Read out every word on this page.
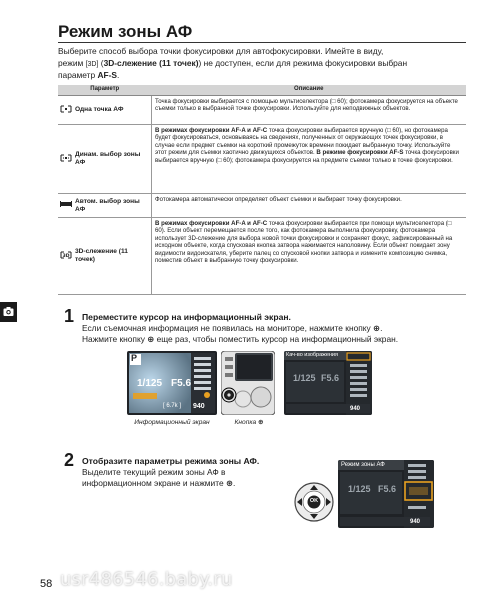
Режим зоны АФ
Выберите способ выбора точки фокусировки для автофокусировки. Имейте в виду,
режим [3D] (3D-слежение (11 точек)) не доступен, если для режима фокусировки выбран
параметр AF-S.
Параметр	Описание

Одна точка АФ	Точка фокусировки выбирается с помощью мультиселектора (□ 60); фотокамера фокусируется на объекте съемки только в выбранной точке фокусировки. Используйте для неподвижных объектов.

Динам. выбор зоны АФ	В режимах фокусировки AF-A и AF-C точка фокусировки выбирается вручную (□ 60), но фотокамера будет фокусироваться, основываясь на сведениях, полученных от окружающих точек фокусировки, в случае если предмет съемки на короткий промежуток времени покидает выбранную точку. Используйте этот режим для съемки хаотично движущихся объектов. В режиме фокусировки AF-S точка фокусировки выбирается вручную (□ 60); фотокамера фокусируется на предмете съемки только в точке фокусировки.

Автом. выбор зоны АФ	Фотокамера автоматически определяет объект съемки и выбирает точку фокусировки.

3D
3D-слежение (11 точек)	В режимах фокусировки AF-A и AF-C точка фокусировки выбирается при помощи мультиселектора (□ 60). Если объект перемещается после того, как фотокамера выполнила фокусировку, фотокамера использует 3D-слежение для выбора новой точки фокусировки и сохраняет фокус, зафиксированный на исходном объекте, когда спусковая кнопка затвора нажимается наполовину. Если объект покидает зону видимости видоискателя, уберите палец со спусковой кнопки затвора и измените композицию снимка, поместив объект в выбранную точку фокусировки.
1 Переместите курсор на информационный экран.
Если съемочная информация не появилась на мониторе, нажмите кнопку ⊕.
Нажмите кнопку ⊕ еще раз, чтобы поместить курсор на информационный экран.
P
1/125 F5.6
[ 6.7k ] 940
Информационный экран	Кнопка ⊕
Кач-во изображения
1/125 F5.6
940
2 Отобразите параметры режима зоны АФ.
Выделите текущий режим зоны АФ в
информационном экране и нажмите ⊛.
OK
Режим зоны АФ
1/125 F5.6
940
58 usr486546.baby.ru
